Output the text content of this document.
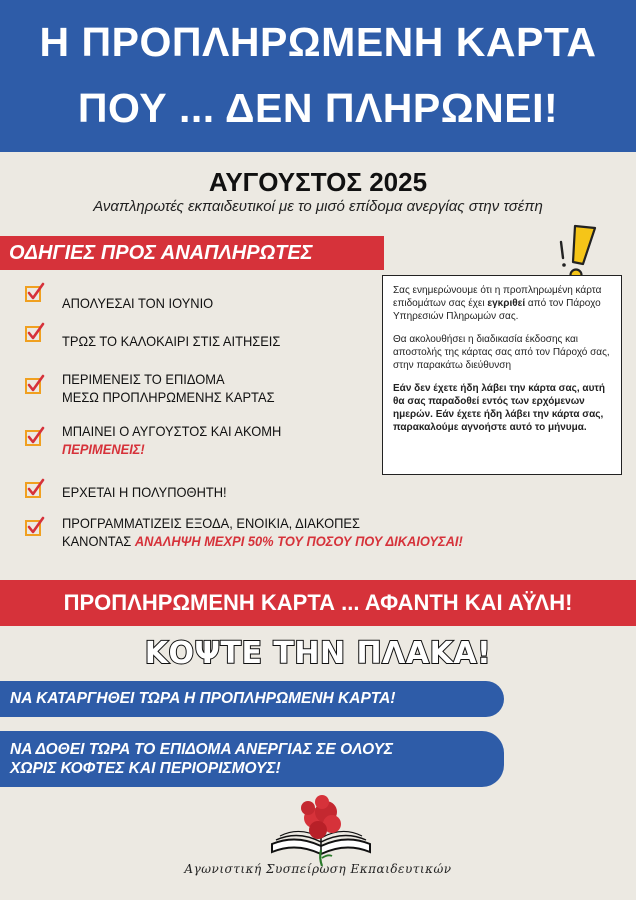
Η ΠΡΟΠΛΗΡΩΜΕΝΗ ΚΑΡΤΑ
ΠΟΥ ... ΔΕΝ ΠΛΗΡΩΝΕΙ!
ΑΥΓΟΥΣΤΟΣ 2025
Αναπληρωτές εκπαιδευτικοί με το μισό επίδομα ανεργίας στην τσέπη
ΟΔΗΓΙΕΣ ΠΡΟΣ ΑΝΑΠΛΗΡΩΤΕΣ
ΑΠΟΛΥΕΣΑΙ ΤΟΝ ΙΟΥΝΙΟ
ΤΡΩΣ ΤΟ ΚΑΛΟΚΑΙΡΙ ΣΤΙΣ ΑΙΤΗΣΕΙΣ
ΠΕΡΙΜΕΝΕΙΣ ΤΟ ΕΠΙΔΟΜΑ
ΜΕΣΩ ΠΡΟΠΛΗΡΩΜΕΝΗΣ ΚΑΡΤΑΣ
ΜΠΑΙΝΕΙ Ο ΑΥΓΟΥΣΤΟΣ ΚΑΙ ΑΚΟΜΗ
ΠΕΡΙΜΕΝΕΙΣ!
ΕΡΧΕΤΑΙ Η ΠΟΛΥΠΟΘΗΤΗ!
ΠΡΟΓΡΑΜΜΑΤΙΖΕΙΣ ΕΞΟΔΑ, ΕΝΟΙΚΙΑ, ΔΙΑΚΟΠΕΣ
ΚΑΝΟΝΤΑΣ ΑΝΑΛΗΨΗ ΜΕΧΡΙ 50% ΤΟΥ ΠΟΣΟΥ ΠΟΥ ΔΙΚΑΙΟΥΣΑΙ!

Σας ενημερώνουμε ότι η προπληρωμένη κάρτα επιδομάτων σας έχει εγκριθεί από τον Πάροχο Υπηρεσιών Πληρωμών σας.

Θα ακολουθήσει η διαδικασία έκδοσης και αποστολής της κάρτας σας από τον Πάροχό σας, στην παρακάτω διεύθυνση

Εάν δεν έχετε ήδη λάβει την κάρτα σας, αυτή θα σας παραδοθεί εντός των ερχόμενων ημερών. Εάν έχετε ήδη λάβει την κάρτα σας, παρακαλούμε αγνοήστε αυτό το μήνυμα.

ΠΡΟΠΛΗΡΩΜΕΝΗ ΚΑΡΤΑ ... ΑΦΑΝΤΗ ΚΑΙ ΑΫΛΗ!
ΚΟΨΤΕ ΤΗΝ ΠΛΑΚΑ!
ΝΑ ΚΑΤΑΡΓΗΘΕΙ ΤΩΡΑ Η ΠΡΟΠΛΗΡΩΜΕΝΗ ΚΑΡΤΑ!
ΝΑ ΔΟΘΕΙ ΤΩΡΑ ΤΟ ΕΠΙΔΟΜΑ ΑΝΕΡΓΙΑΣ ΣΕ ΟΛΟΥΣ
ΧΩΡΙΣ ΚΟΦΤΕΣ ΚΑΙ ΠΕΡΙΟΡΙΣΜΟΥΣ!
Αγωνιστική Συσπείρωση Εκπαιδευτικών
